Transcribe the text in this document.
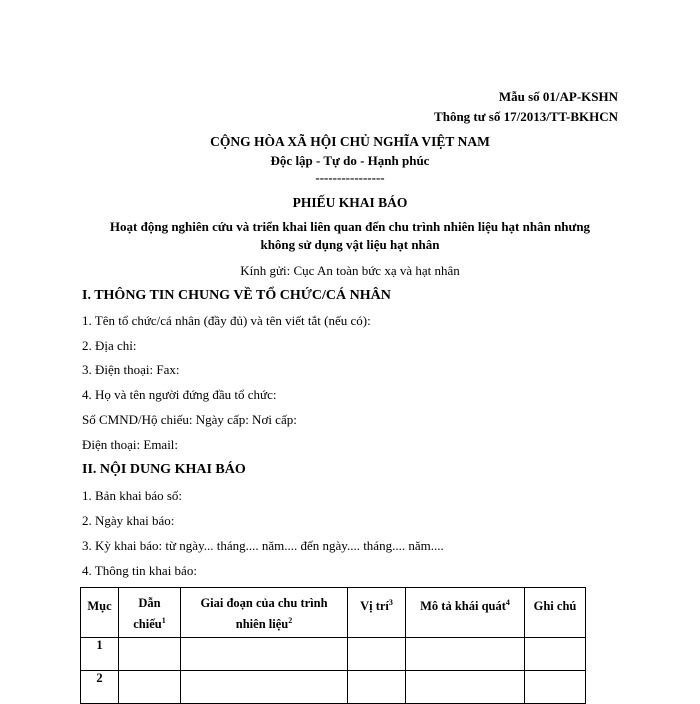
Mẫu số 01/AP-KSHN
Thông tư số 17/2013/TT-BKHCN
CỘNG HÒA XÃ HỘI CHỦ NGHĨA VIỆT NAM
Độc lập - Tự do - Hạnh phúc
----------------
PHIẾU KHAI BÁO
Hoạt động nghiên cứu và triển khai liên quan đến chu trình nhiên liệu hạt nhân nhưng
không sử dụng vật liệu hạt nhân
Kính gửi: Cục An toàn bức xạ và hạt nhân
I. THÔNG TIN CHUNG VỀ TỔ CHỨC/CÁ NHÂN
1. Tên tổ chức/cá nhân (đầy đủ) và tên viết tắt (nếu có):
2. Địa chỉ:
3. Điện thoại: Fax:
4. Họ và tên người đứng đầu tổ chức:
Số CMND/Hộ chiếu: Ngày cấp: Nơi cấp:
Điện thoại: Email:
II. NỘI DUNG KHAI BÁO
1. Bản khai báo số:
2. Ngày khai báo:
3. Kỳ khai báo: từ ngày... tháng.... năm.... đến ngày.... tháng.... năm....
4. Thông tin khai báo:
Mục	Dẫn chiếu$^1$	Giai đoạn của chu trình nhiên liệu$^2$	Vị trí$^3$	Mô tả khái quát$^4$	Ghi chú

1					
2					
